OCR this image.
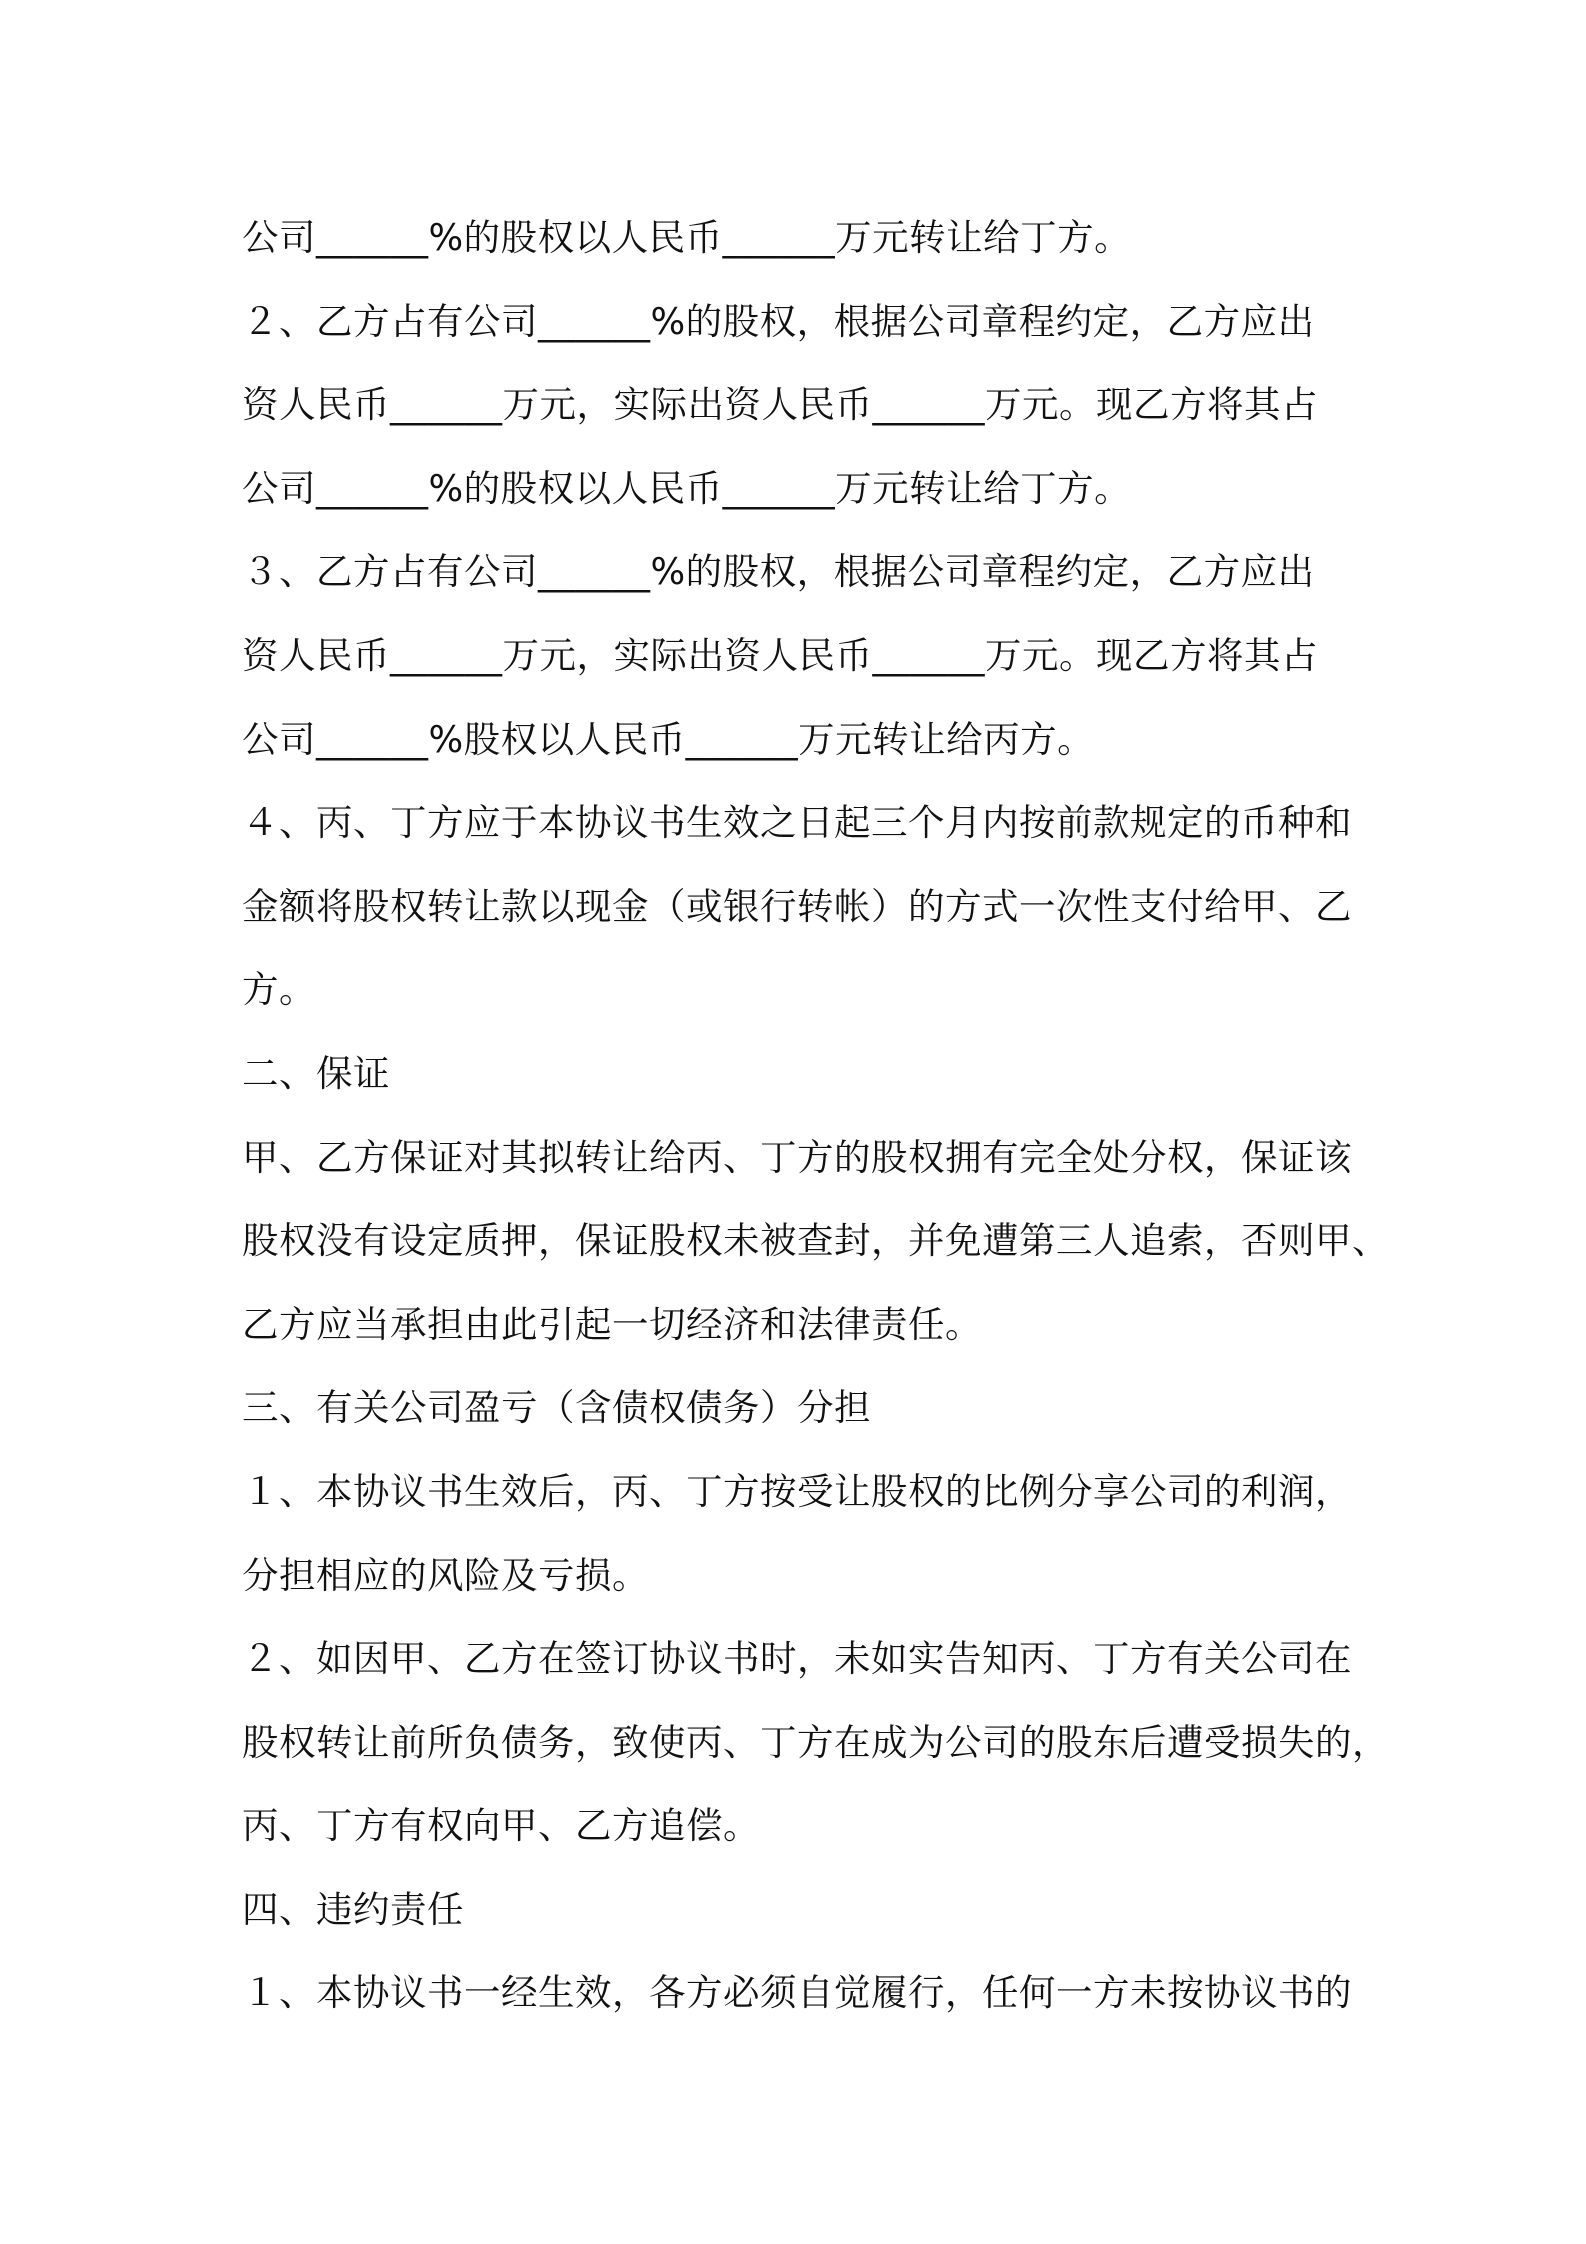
公司______%的股权以人民币______万元转让给丁方。
２、乙方占有公司______%的股权，根据公司章程约定，乙方应出
资人民币______万元，实际出资人民币______万元。现乙方将其占
公司______%的股权以人民币______万元转让给丁方。
３、乙方占有公司______%的股权，根据公司章程约定，乙方应出
资人民币______万元，实际出资人民币______万元。现乙方将其占
公司______%股权以人民币______万元转让给丙方。
４、丙、丁方应于本协议书生效之日起三个月内按前款规定的币种和
金额将股权转让款以现金（或银行转帐）的方式一次性支付给甲、乙
方。
二、保证
甲、乙方保证对其拟转让给丙、丁方的股权拥有完全处分权，保证该
股权没有设定质押，保证股权未被查封，并免遭第三人追索，否则甲、
乙方应当承担由此引起一切经济和法律责任。
三、有关公司盈亏（含债权债务）分担
１、本协议书生效后，丙、丁方按受让股权的比例分享公司的利润，
分担相应的风险及亏损。
２、如因甲、乙方在签订协议书时，未如实告知丙、丁方有关公司在
股权转让前所负债务，致使丙、丁方在成为公司的股东后遭受损失的，
丙、丁方有权向甲、乙方追偿。
四、违约责任
１、本协议书一经生效，各方必须自觉履行，任何一方未按协议书的
